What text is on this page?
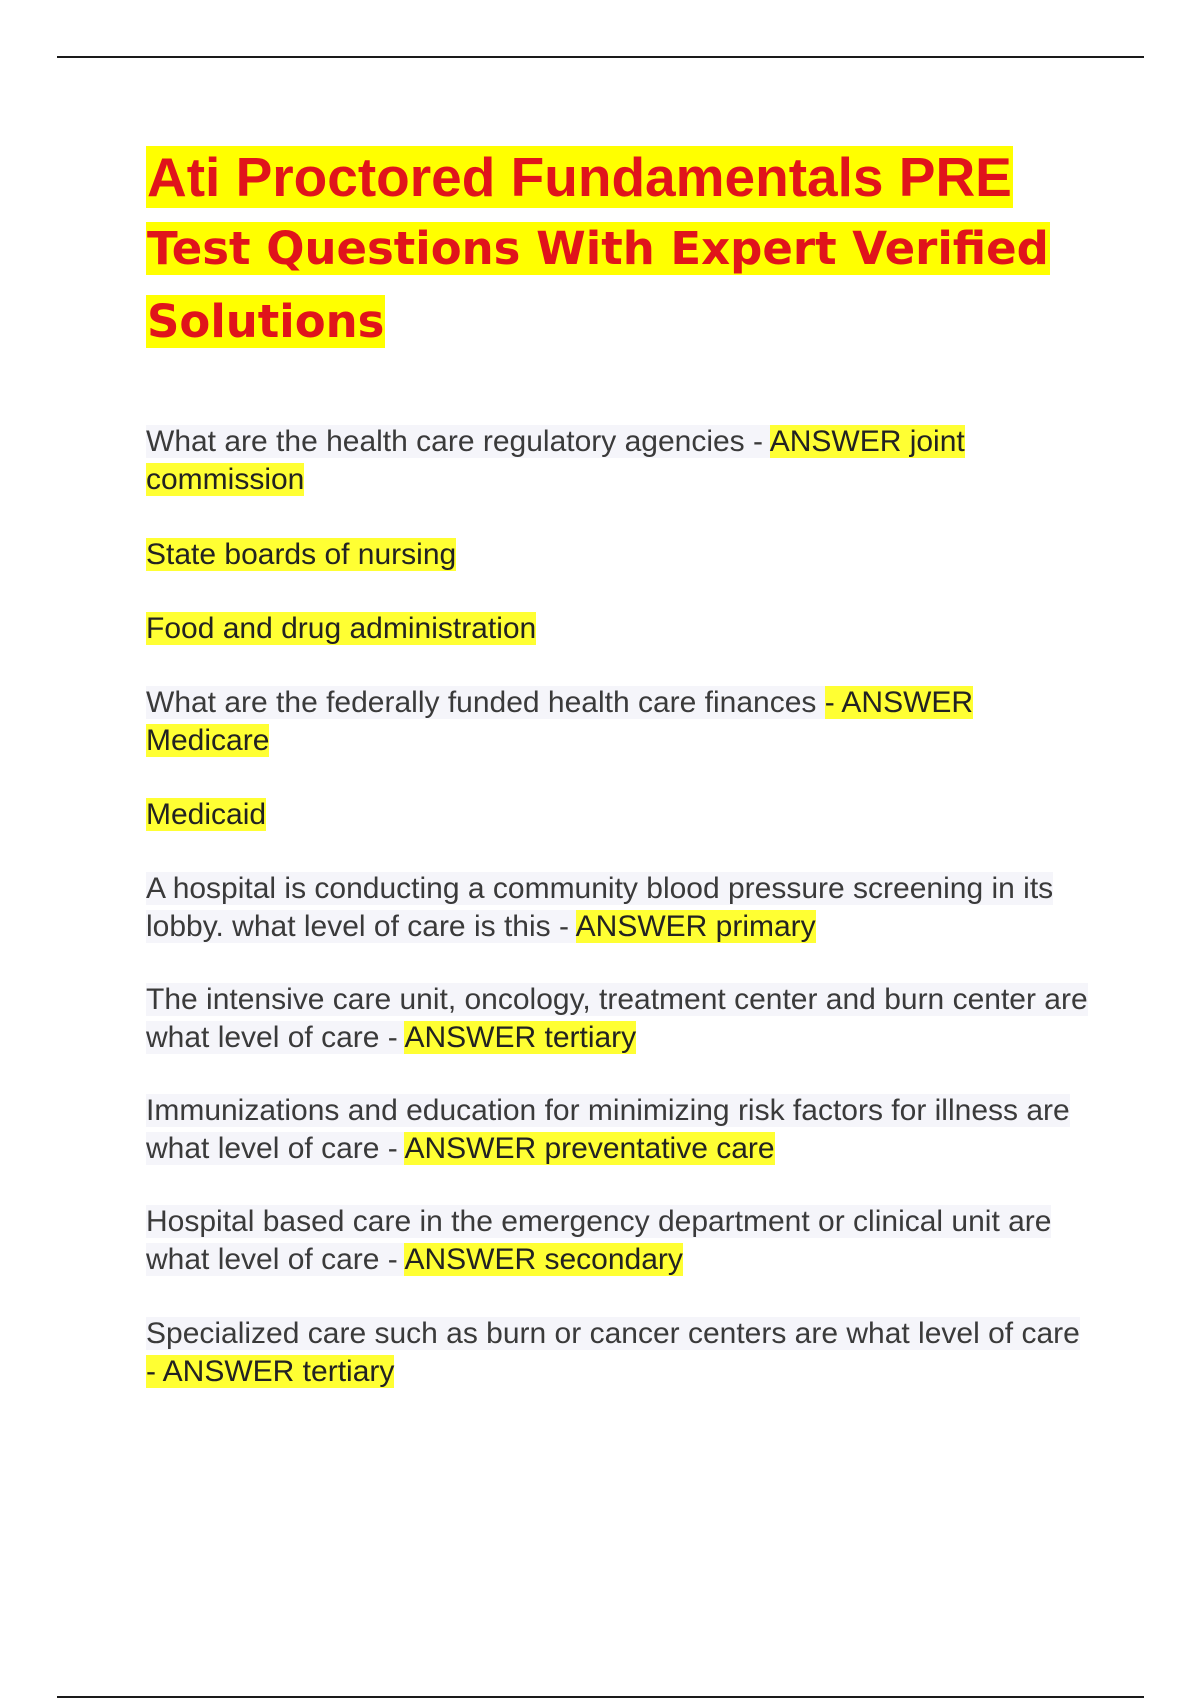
Ati Proctored Fundamentals PRE
Test Questions With Expert Verified
Solutions

What are the health care regulatory agencies - ANSWER joint commission

State boards of nursing

Food and drug administration

What are the federally funded health care finances - ANSWER Medicare

Medicaid

A hospital is conducting a community blood pressure screening in its lobby. what level of care is this - ANSWER primary

The intensive care unit, oncology, treatment center and burn center are what level of care - ANSWER tertiary

Immunizations and education for minimizing risk factors for illness are what level of care - ANSWER preventative care

Hospital based care in the emergency department or clinical unit are what level of care - ANSWER secondary

Specialized care such as burn or cancer centers are what level of care - ANSWER tertiary
